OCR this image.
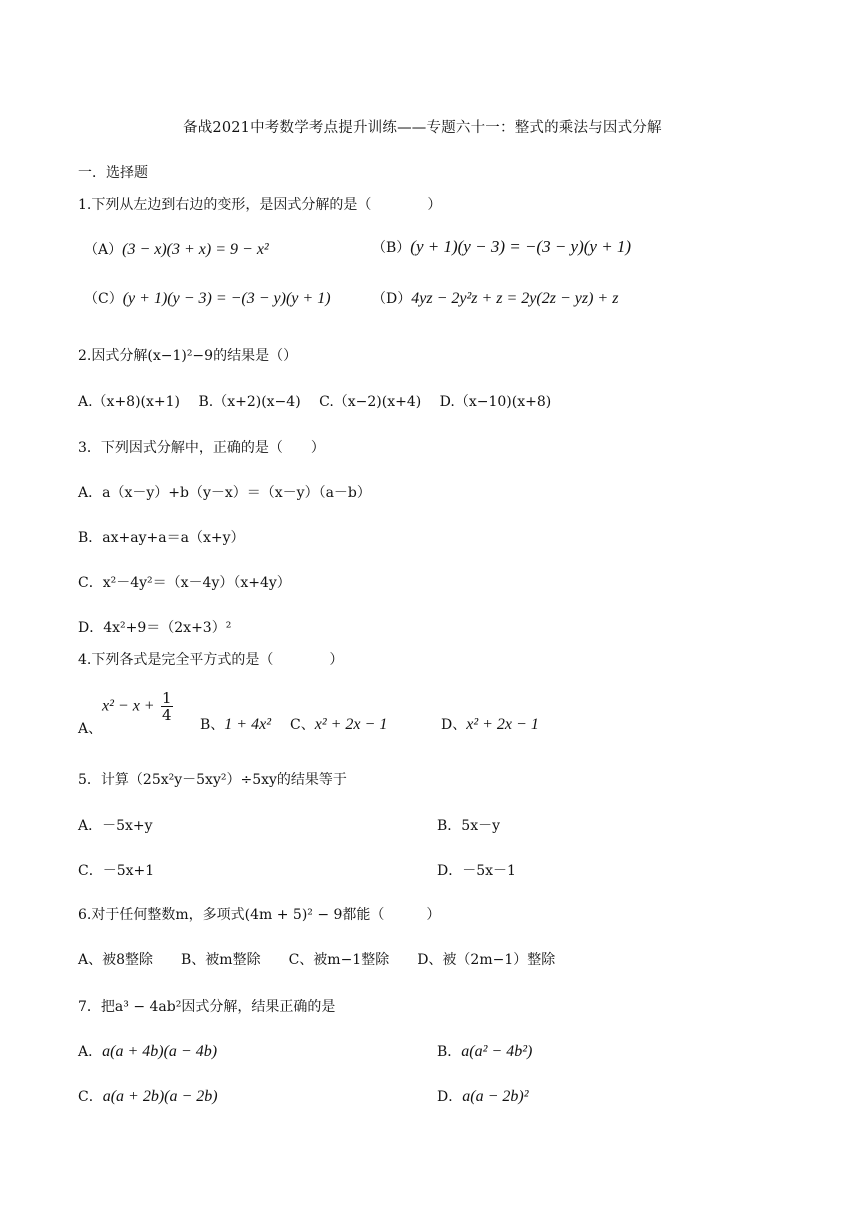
备战2021中考数学考点提升训练——专题六十一：整式的乘法与因式分解
一．选择题
1.下列从左边到右边的变形，是因式分解的是（　　　　）
（A）(3 − x)(3 + x) = 9 − x²	（B）(y + 1)(y − 3) = −(3 − y)(y + 1)
（C）(y + 1)(y − 3) = −(3 − y)(y + 1)	（D）4yz − 2y²z + z = 2y(2z − yz) + z
2.因式分解(x−1)²−9的结果是（）
A.（x+8)(x+1)　 B.（x+2)(x−4)　 C.（x−2)(x+4)　 D.（x−10)(x+8)
3．下列因式分解中，正确的是（　　）
A．a（x－y）+b（y－x）＝（x－y）（a－b）
B．ax+ay+a＝a（x+y）
C．x²－4y²＝（x－4y）（x+4y）
D．4x²+9＝（2x+3）²
4.下列各式是完全平方式的是（　　　　）
A、
$x^2 - x + \frac{1}{4}$
B、1 + 4x² C、x² + 2x − 1	D、x² + 2x − 1
5．计算（25x²y－5xy²）÷5xy的结果等于
A．－5x+y	B．5x－y
C．－5x+1	D．－5x－1
6.对于任何整数m，多项式(4m + 5)² − 9都能（　　　）
A、被8整除　　B、被m整除　　C、被m−1整除　　D、被（2m−1）整除
7．把a³ − 4ab²因式分解，结果正确的是
A．a(a + 4b)(a − 4b)	B．a(a² − 4b²)
C．a(a + 2b)(a − 2b)	D．a(a − 2b)²
